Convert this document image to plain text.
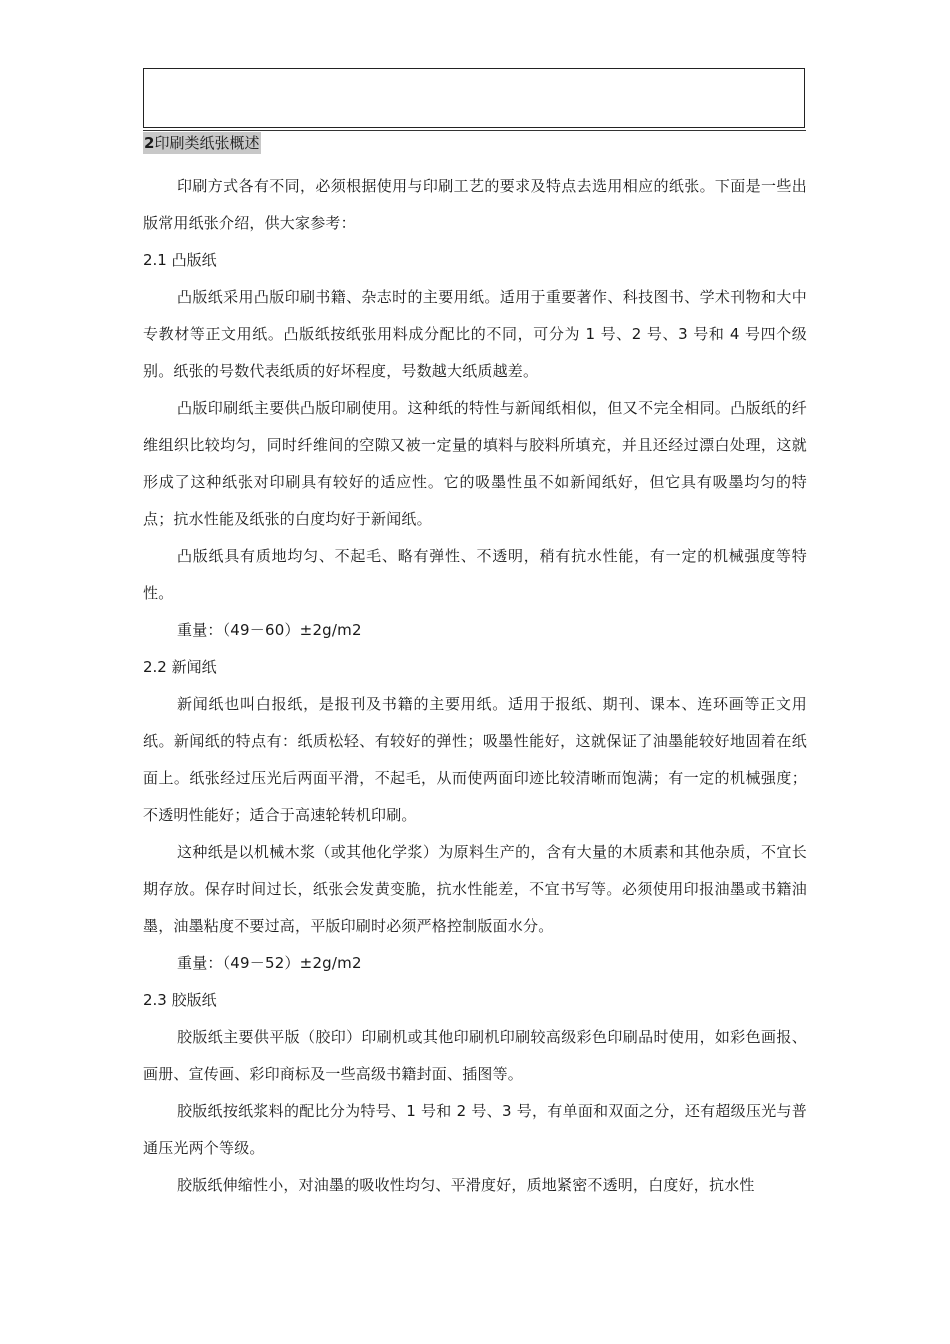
2印刷类纸张概述

印刷方式各有不同，必须根据使用与印刷工艺的要求及特点去选用相应的纸张。下面是一些出版常用纸张介绍，供大家参考：

2.1 凸版纸

凸版纸采用凸版印刷书籍、杂志时的主要用纸。适用于重要著作、科技图书、学术刊物和大中专教材等正文用纸。凸版纸按纸张用料成分配比的不同，可分为 1 号、2 号、3 号和 4 号四个级别。纸张的号数代表纸质的好坏程度，号数越大纸质越差。

凸版印刷纸主要供凸版印刷使用。这种纸的特性与新闻纸相似，但又不完全相同。凸版纸的纤维组织比较均匀，同时纤维间的空隙又被一定量的填料与胶料所填充，并且还经过漂白处理，这就形成了这种纸张对印刷具有较好的适应性。它的吸墨性虽不如新闻纸好，但它具有吸墨均匀的特点；抗水性能及纸张的白度均好于新闻纸。

凸版纸具有质地均匀、不起毛、略有弹性、不透明，稍有抗水性能，有一定的机械强度等特性。

重量：（49－60）±2g/m2

2.2 新闻纸

新闻纸也叫白报纸，是报刊及书籍的主要用纸。适用于报纸、期刊、课本、连环画等正文用纸。新闻纸的特点有：纸质松轻、有较好的弹性；吸墨性能好，这就保证了油墨能较好地固着在纸面上。纸张经过压光后两面平滑，不起毛，从而使两面印迹比较清晰而饱满；有一定的机械强度；不透明性能好；适合于高速轮转机印刷。

这种纸是以机械木浆（或其他化学浆）为原料生产的，含有大量的木质素和其他杂质，不宜长期存放。保存时间过长，纸张会发黄变脆，抗水性能差，不宜书写等。必须使用印报油墨或书籍油墨，油墨粘度不要过高，平版印刷时必须严格控制版面水分。

重量：（49－52）±2g/m2

2.3 胶版纸

胶版纸主要供平版（胶印）印刷机或其他印刷机印刷较高级彩色印刷品时使用，如彩色画报、画册、宣传画、彩印商标及一些高级书籍封面、插图等。

胶版纸按纸浆料的配比分为特号、1 号和 2 号、3 号，有单面和双面之分，还有超级压光与普通压光两个等级。

胶版纸伸缩性小，对油墨的吸收性均匀、平滑度好，质地紧密不透明，白度好，抗水性
